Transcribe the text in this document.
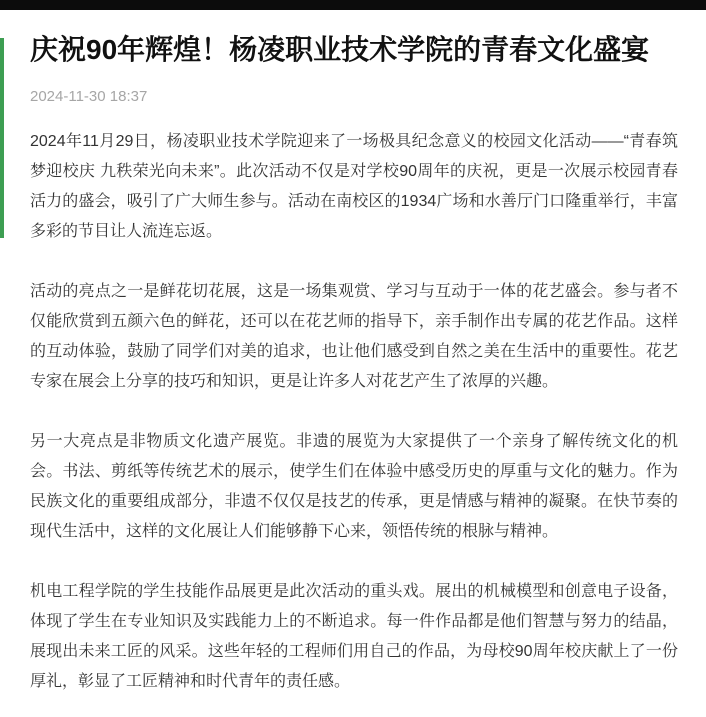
庆祝90年辉煌！杨凌职业技术学院的青春文化盛宴
2024-11-30 18:37

2024年11月29日，杨凌职业技术学院迎来了一场极具纪念意义的校园文化活动——“青春筑梦迎校庆 九秩荣光向未来”。此次活动不仅是对学校90周年的庆祝，更是一次展示校园青春活力的盛会，吸引了广大师生参与。活动在南校区的1934广场和水善厅门口隆重举行，丰富多彩的节目让人流连忘返。

活动的亮点之一是鲜花切花展，这是一场集观赏、学习与互动于一体的花艺盛会。参与者不仅能欣赏到五颜六色的鲜花，还可以在花艺师的指导下，亲手制作出专属的花艺作品。这样的互动体验，鼓励了同学们对美的追求，也让他们感受到自然之美在生活中的重要性。花艺专家在展会上分享的技巧和知识，更是让许多人对花艺产生了浓厚的兴趣。

另一大亮点是非物质文化遗产展览。非遗的展览为大家提供了一个亲身了解传统文化的机会。书法、剪纸等传统艺术的展示，使学生们在体验中感受历史的厚重与文化的魅力。作为民族文化的重要组成部分，非遗不仅仅是技艺的传承，更是情感与精神的凝聚。在快节奏的现代生活中，这样的文化展让人们能够静下心来，领悟传统的根脉与精神。

机电工程学院的学生技能作品展更是此次活动的重头戏。展出的机械模型和创意电子设备，体现了学生在专业知识及实践能力上的不断追求。每一件作品都是他们智慧与努力的结晶，展现出未来工匠的风采。这些年轻的工程师们用自己的作品，为母校90周年校庆献上了一份厚礼，彰显了工匠精神和时代青年的责任感。
